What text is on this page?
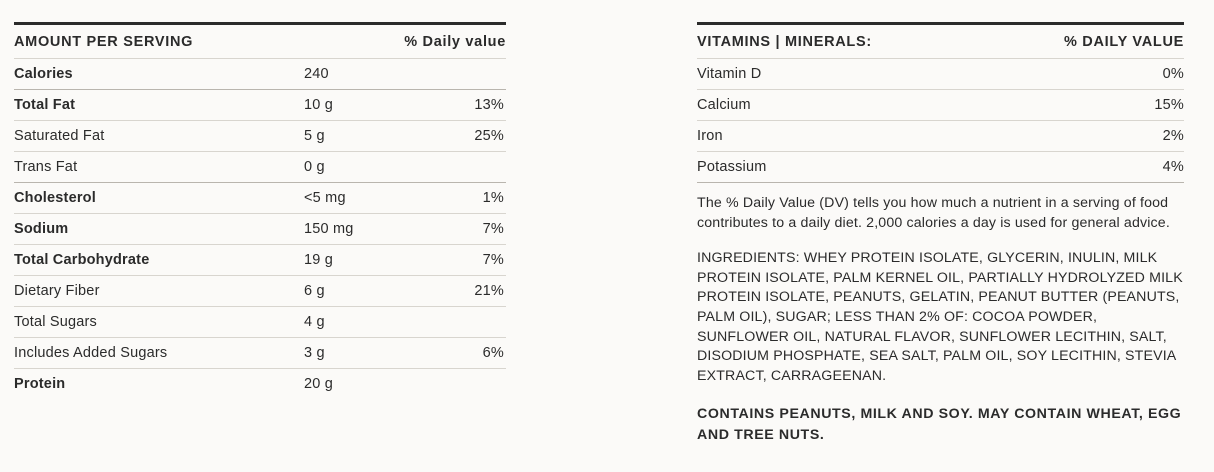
AMOUNT PER SERVING	% Daily value
Calories	240
Total Fat	10 g	13%
Saturated Fat	5 g	25%
Trans Fat	0 g
Cholesterol	<5 mg	1%
Sodium	150 mg	7%
Total Carbohydrate	19 g	7%
Dietary Fiber	6 g	21%
Total Sugars	4 g
Includes Added Sugars	3 g	6%
Protein	20 g
VITAMINS | MINERALS:	% DAILY VALUE
Vitamin D	0%
Calcium	15%
Iron	2%
Potassium	4%

The % Daily Value (DV) tells you how much a nutrient in a serving of food contributes to a daily diet. 2,000 calories a day is used for general advice.

INGREDIENTS: WHEY PROTEIN ISOLATE, GLYCERIN, INULIN, MILK PROTEIN ISOLATE, PALM KERNEL OIL, PARTIALLY HYDROLYZED MILK PROTEIN ISOLATE, PEANUTS, GELATIN, PEANUT BUTTER (PEANUTS, PALM OIL), SUGAR; LESS THAN 2% OF: COCOA POWDER, SUNFLOWER OIL, NATURAL FLAVOR, SUNFLOWER LECITHIN, SALT, DISODIUM PHOSPHATE, SEA SALT, PALM OIL, SOY LECITHIN, STEVIA EXTRACT, CARRAGEENAN.

CONTAINS PEANUTS, MILK AND SOY. MAY CONTAIN WHEAT, EGG AND TREE NUTS.
